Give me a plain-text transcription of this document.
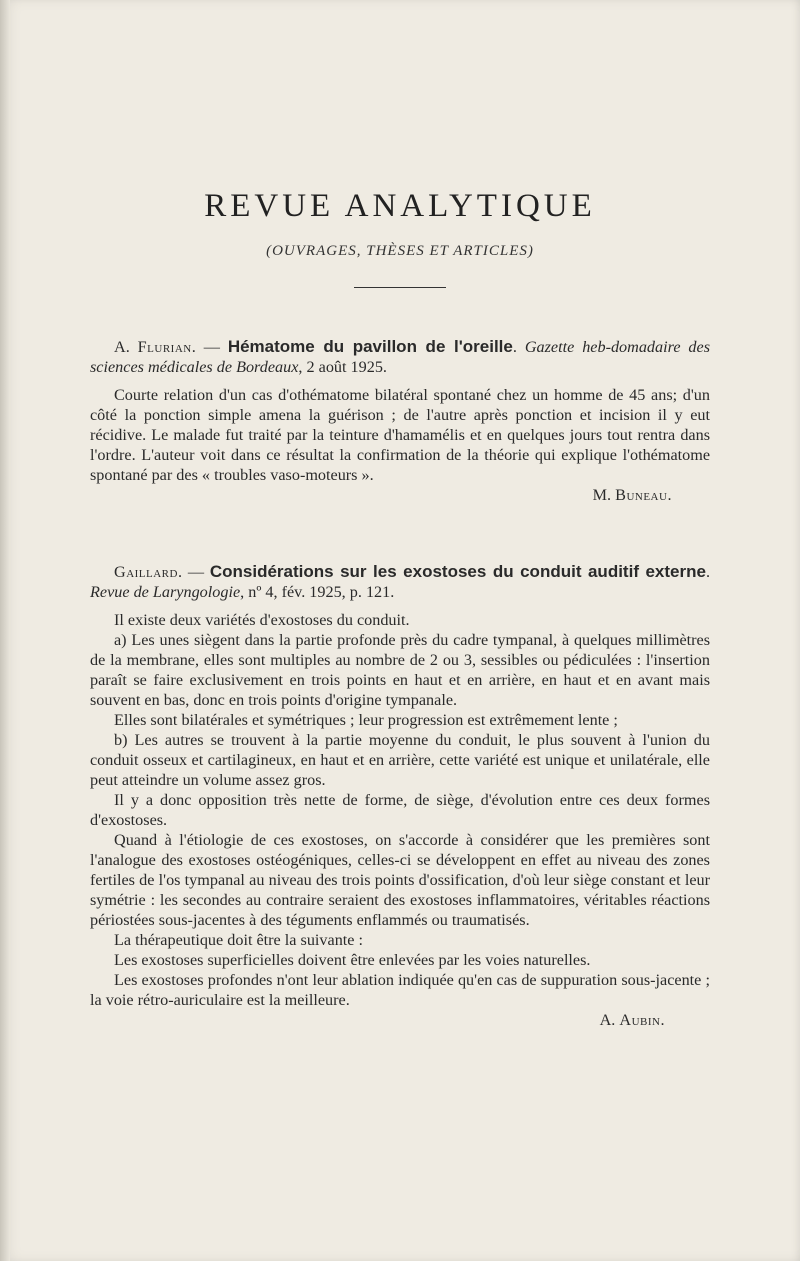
REVUE ANALYTIQUE
(OUVRAGES, THÈSES ET ARTICLES)

A. Flurian. — Hématome du pavillon de l'oreille. Gazette heb-domadaire des sciences médicales de Bordeaux, 2 août 1925.

Courte relation d'un cas d'othématome bilatéral spontané chez un homme de 45 ans; d'un côté la ponction simple amena la guérison ; de l'autre après ponction et incision il y eut récidive. Le malade fut traité par la teinture d'hamamélis et en quelques jours tout rentra dans l'ordre. L'auteur voit dans ce résultat la confirmation de la théorie qui explique l'othématome spontané par des « troubles vaso-moteurs ».

M. Buneau.

Gaillard. — Considérations sur les exostoses du conduit auditif externe. Revue de Laryngologie, nº 4, fév. 1925, p. 121.

Il existe deux variétés d'exostoses du conduit.

a) Les unes siègent dans la partie profonde près du cadre tympanal, à quelques millimètres de la membrane, elles sont multiples au nombre de 2 ou 3, sessibles ou pédiculées : l'insertion paraît se faire exclusivement en trois points en haut et en arrière, en haut et en avant mais souvent en bas, donc en trois points d'origine tympanale.

Elles sont bilatérales et symétriques ; leur progression est extrêmement lente ;

b) Les autres se trouvent à la partie moyenne du conduit, le plus souvent à l'union du conduit osseux et cartilagineux, en haut et en arrière, cette variété est unique et unilatérale, elle peut atteindre un volume assez gros.

Il y a donc opposition très nette de forme, de siège, d'évolution entre ces deux formes d'exostoses.

Quand à l'étiologie de ces exostoses, on s'accorde à considérer que les premières sont l'analogue des exostoses ostéogéniques, celles-ci se développent en effet au niveau des zones fertiles de l'os tympanal au niveau des trois points d'ossification, d'où leur siège constant et leur symétrie : les secondes au contraire seraient des exostoses inflammatoires, véritables réactions périostées sous-jacentes à des téguments enflammés ou traumatisés.

La thérapeutique doit être la suivante :

Les exostoses superficielles doivent être enlevées par les voies naturelles.

Les exostoses profondes n'ont leur ablation indiquée qu'en cas de suppuration sous-jacente ; la voie rétro-auriculaire est la meilleure.

A. Aubin.
